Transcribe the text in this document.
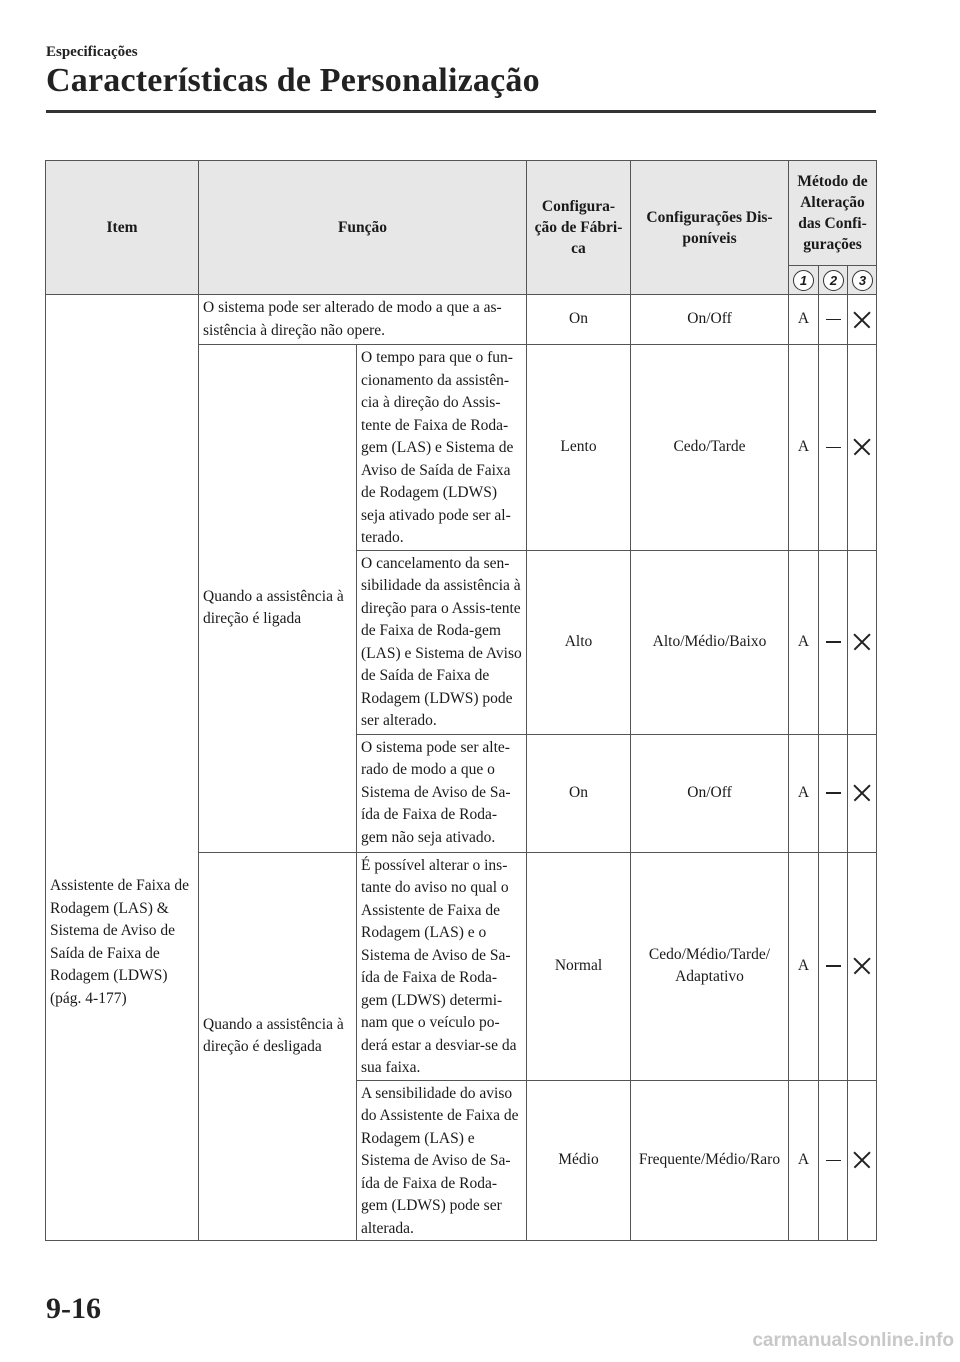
Especificações
Características de Personalização
Item	Função		Configura-ção de Fábri-ca	Configurações Dis-poníveis	Método de Alteração das Confi-gurações		
					1	2	3
Assistente de Faixa de Rodagem (LAS) & Sistema de Aviso de Saída de Faixa de Rodagem (LDWS) (pág. 4-177)	O sistema pode ser alterado de modo a que a as-sistência à direção não opere.		On	On/Off	A		
	Quando a assistência à direção é ligada	O tempo para que o fun-cionamento da assistên-cia à direção do Assis-tente de Faixa de Roda-gem (LAS) e Sistema de Aviso de Saída de Faixa de Rodagem (LDWS) seja ativado pode ser al-terado.	Lento	Cedo/Tarde	A		
		O cancelamento da sen-sibilidade da assistência à direção para o Assis-tente de Faixa de Roda-gem (LAS) e Sistema de Aviso de Saída de Faixa de Rodagem (LDWS) pode ser alterado.	Alto	Alto/Médio/Baixo	A		
		O sistema pode ser alte-rado de modo a que o Sistema de Aviso de Sa-ída de Faixa de Roda-gem não seja ativado.	On	On/Off	A		
	Quando a assistência à direção é desligada	É possível alterar o ins-tante do aviso no qual o Assistente de Faixa de Rodagem (LAS) e o Sistema de Aviso de Sa-ída de Faixa de Roda-gem (LDWS) determi-nam que o veículo po-derá estar a desviar-se da sua faixa.	Normal	Cedo/Médio/Tarde/ Adaptativo	A		
		A sensibilidade do aviso do Assistente de Faixa de Rodagem (LAS) e Sistema de Aviso de Sa-ída de Faixa de Roda-gem (LDWS) pode ser alterada.	Médio	Frequente/Médio/Raro	A		
9-16
carmanualsonline.info
